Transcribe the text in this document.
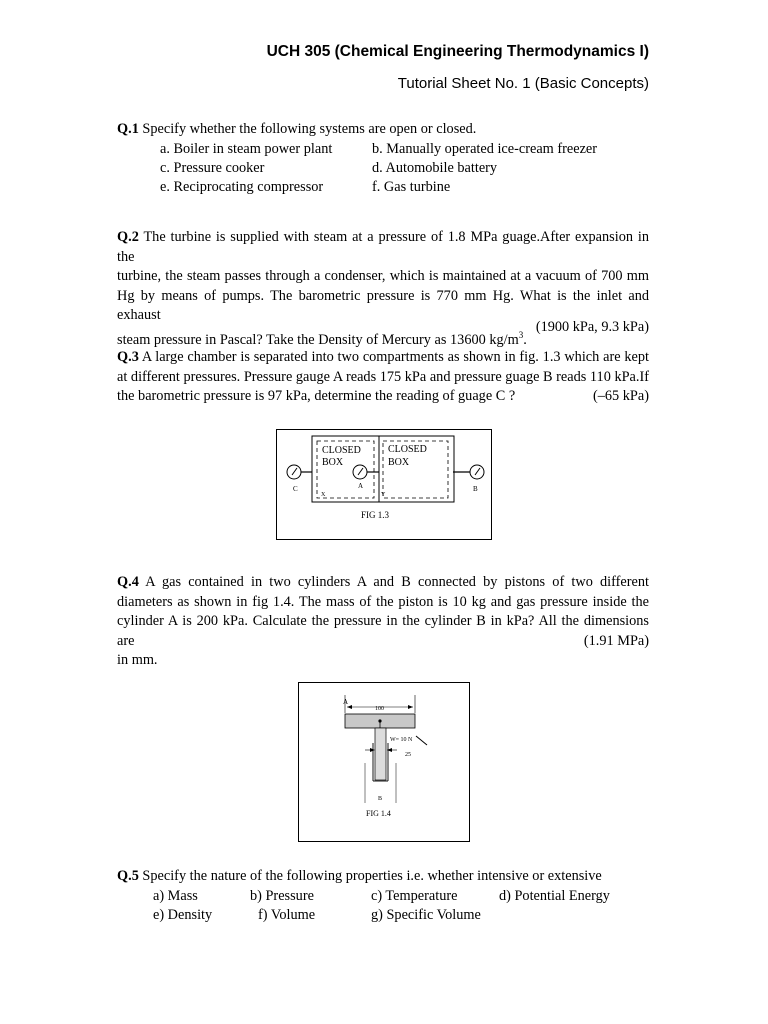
UCH 305 (Chemical Engineering Thermodynamics I)
Tutorial Sheet No. 1 (Basic Concepts)
Q.1 Specify whether the following systems are open or closed.
a. Boiler in steam power plant	b. Manually operated ice-cream freezer
c. Pressure cooker	d. Automobile battery
e. Reciprocating compressor	f. Gas turbine
Q.2 The turbine is supplied with steam at a pressure of 1.8 MPa guage.After expansion in the
turbine, the steam passes through a condenser, which is maintained at a vacuum of 700 mm
Hg by means of pumps. The barometric pressure is 770 mm Hg. What is the inlet and exhaust
steam pressure in Pascal? Take the Density of Mercury as 13600 $kg/m^3$.
(1900 kPa, 9.3 kPa)
Q.3 A large chamber is separated into two compartments as shown in fig. 1.3 which are kept
at different pressures. Pressure gauge A reads 175 kPa and pressure guage B reads 110 kPa.If
the barometric pressure is 97 kPa, determine the reading of guage C ?	(–65 kPa)
CLOSED
BOX
CLOSED
BOX
C	A	B
X	Y
FIG 1.3
Q.4 A gas contained in two cylinders A and B connected by pistons of two different
diameters as shown in fig 1.4. The mass of the piston is 10 kg and gas pressure inside the
cylinder A is 200 kPa. Calculate the pressure in the cylinder B in kPa? All the dimensions are
in mm.
(1.91 MPa)
A
100
W= 10 N
25
B
FIG 1.4
Q.5 Specify the nature of the following properties i.e. whether intensive or extensive
a) Mass	b) Pressure	c) Temperature	d) Potential Energy
e) Density	f) Volume	g) Specific Volume
